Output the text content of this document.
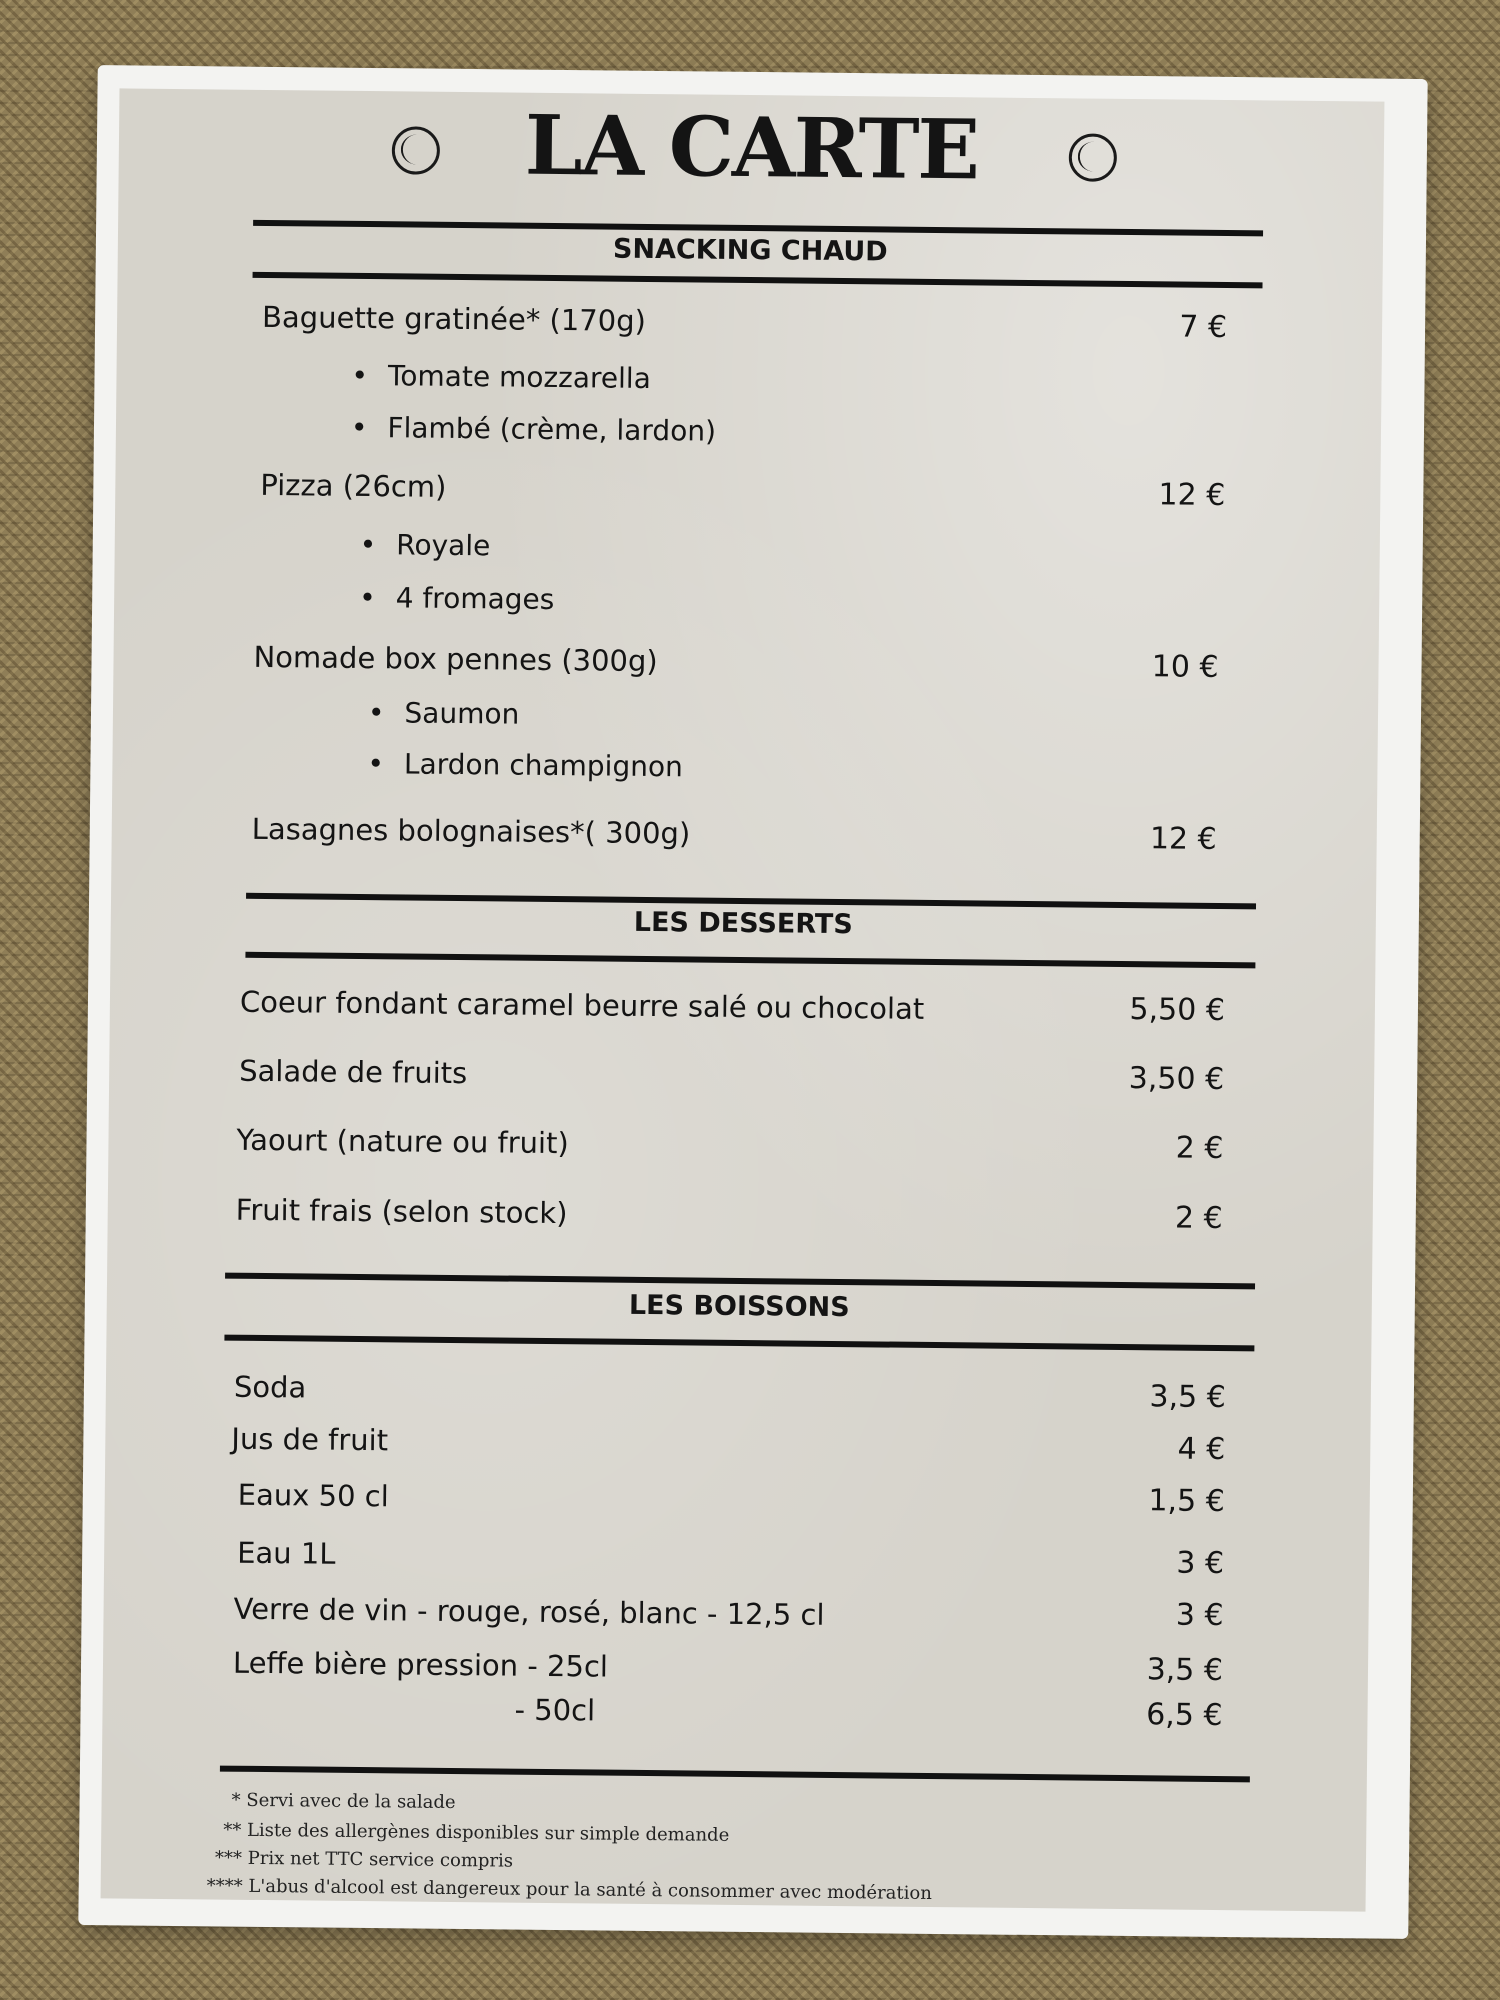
LA CARTE
SNACKING CHAUD
Baguette gratinée* (170g)	7 €
• Tomate mozzarella
• Flambé (crème, lardon)
Pizza (26cm)	12 €
• Royale
• 4 fromages
Nomade box pennes (300g)	10 €
• Saumon
• Lardon champignon
Lasagnes bolognaises*( 300g)	12 €
LES DESSERTS
Coeur fondant caramel beurre salé ou chocolat	5,50 €
Salade de fruits	3,50 €
Yaourt (nature ou fruit)	2 €
Fruit frais (selon stock)	2 €
LES BOISSONS
Soda	3,5 €
Jus de fruit	4 €
Eaux 50 cl	1,5 €
Eau 1L	3 €
Verre de vin - rouge, rosé, blanc - 12,5 cl	3 €
Leffe bière pression - 25cl	3,5 €
- 50cl	6,5 €
* Servi avec de la salade
** Liste des allergènes disponibles sur simple demande
*** Prix net TTC service compris
**** L'abus d'alcool est dangereux pour la santé à consommer avec modération
